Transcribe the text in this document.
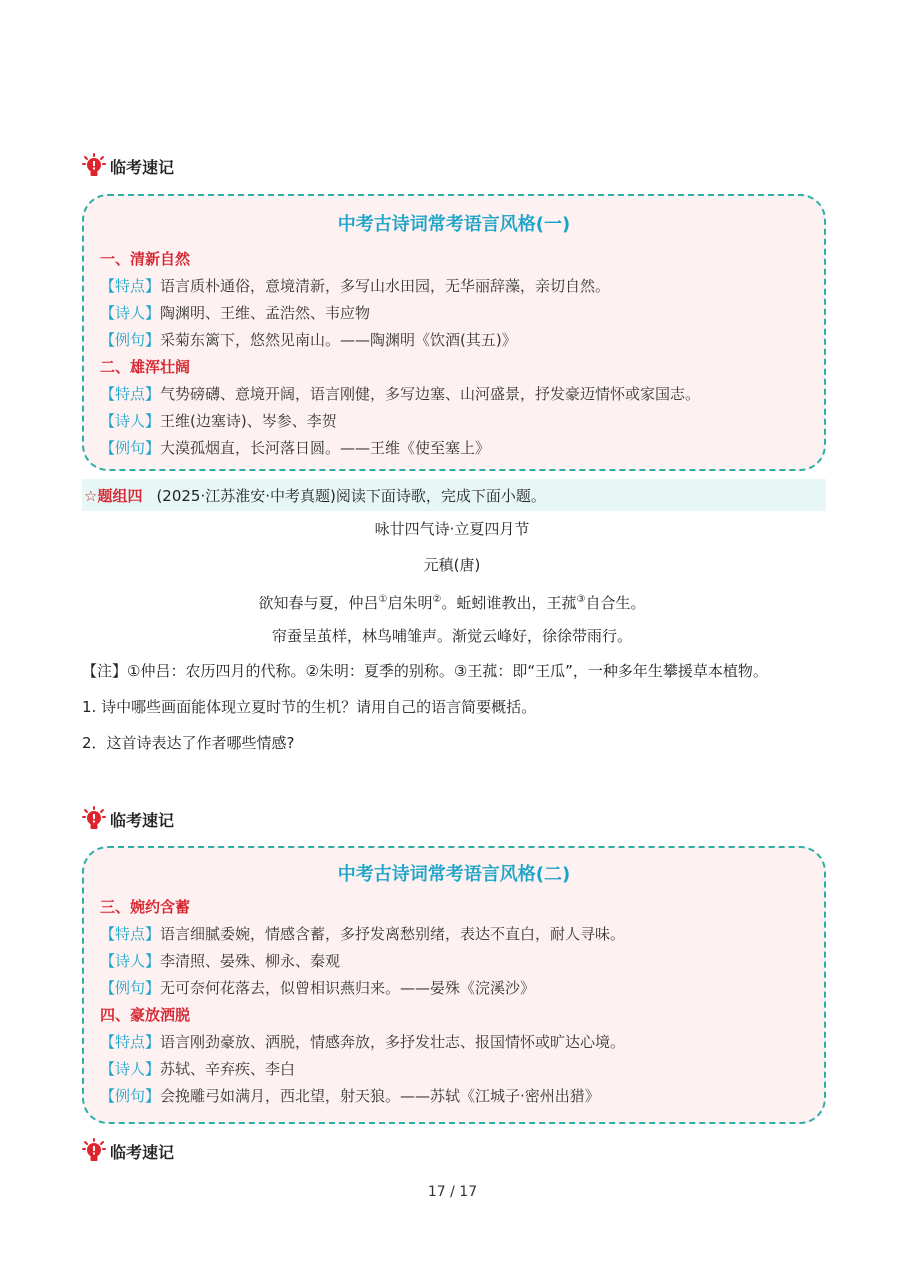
临考速记
中考古诗词常考语言风格(一)
一、清新自然
【特点】语言质朴通俗，意境清新，多写山水田园，无华丽辞藻，亲切自然。
【诗人】陶渊明、王维、孟浩然、韦应物
【例句】采菊东篱下，悠然见南山。——陶渊明《饮酒(其五)》
二、雄浑壮阔
【特点】气势磅礴、意境开阔，语言刚健，多写边塞、山河盛景，抒发豪迈情怀或家国志。
【诗人】王维(边塞诗)、岑参、李贺
【例句】大漠孤烟直，长河落日圆。——王维《使至塞上》
☆题组四 (2025·江苏淮安·中考真题)阅读下面诗歌，完成下面小题。
咏廿四气诗·立夏四月节
元稹(唐)
欲知春与夏，仲吕①启朱明②。蚯蚓谁教出，王菰③自合生。
帘蚕呈茧样，林鸟哺雏声。渐觉云峰好，徐徐带雨行。
【注】①仲吕：农历四月的代称。②朱明：夏季的别称。③王菰：即“王瓜”，一种多年生攀援草本植物。
1. 诗中哪些画面能体现立夏时节的生机？请用自己的语言简要概括。
2．这首诗表达了作者哪些情感?
临考速记
中考古诗词常考语言风格(二)
三、婉约含蓄
【特点】语言细腻委婉，情感含蓄，多抒发离愁别绪，表达不直白，耐人寻味。
【诗人】李清照、晏殊、柳永、秦观
【例句】无可奈何花落去，似曾相识燕归来。——晏殊《浣溪沙》
四、豪放洒脱
【特点】语言刚劲豪放、洒脱，情感奔放，多抒发壮志、报国情怀或旷达心境。
【诗人】苏轼、辛弃疾、李白
【例句】会挽雕弓如满月，西北望，射天狼。——苏轼《江城子·密州出猎》
临考速记
17 / 17
